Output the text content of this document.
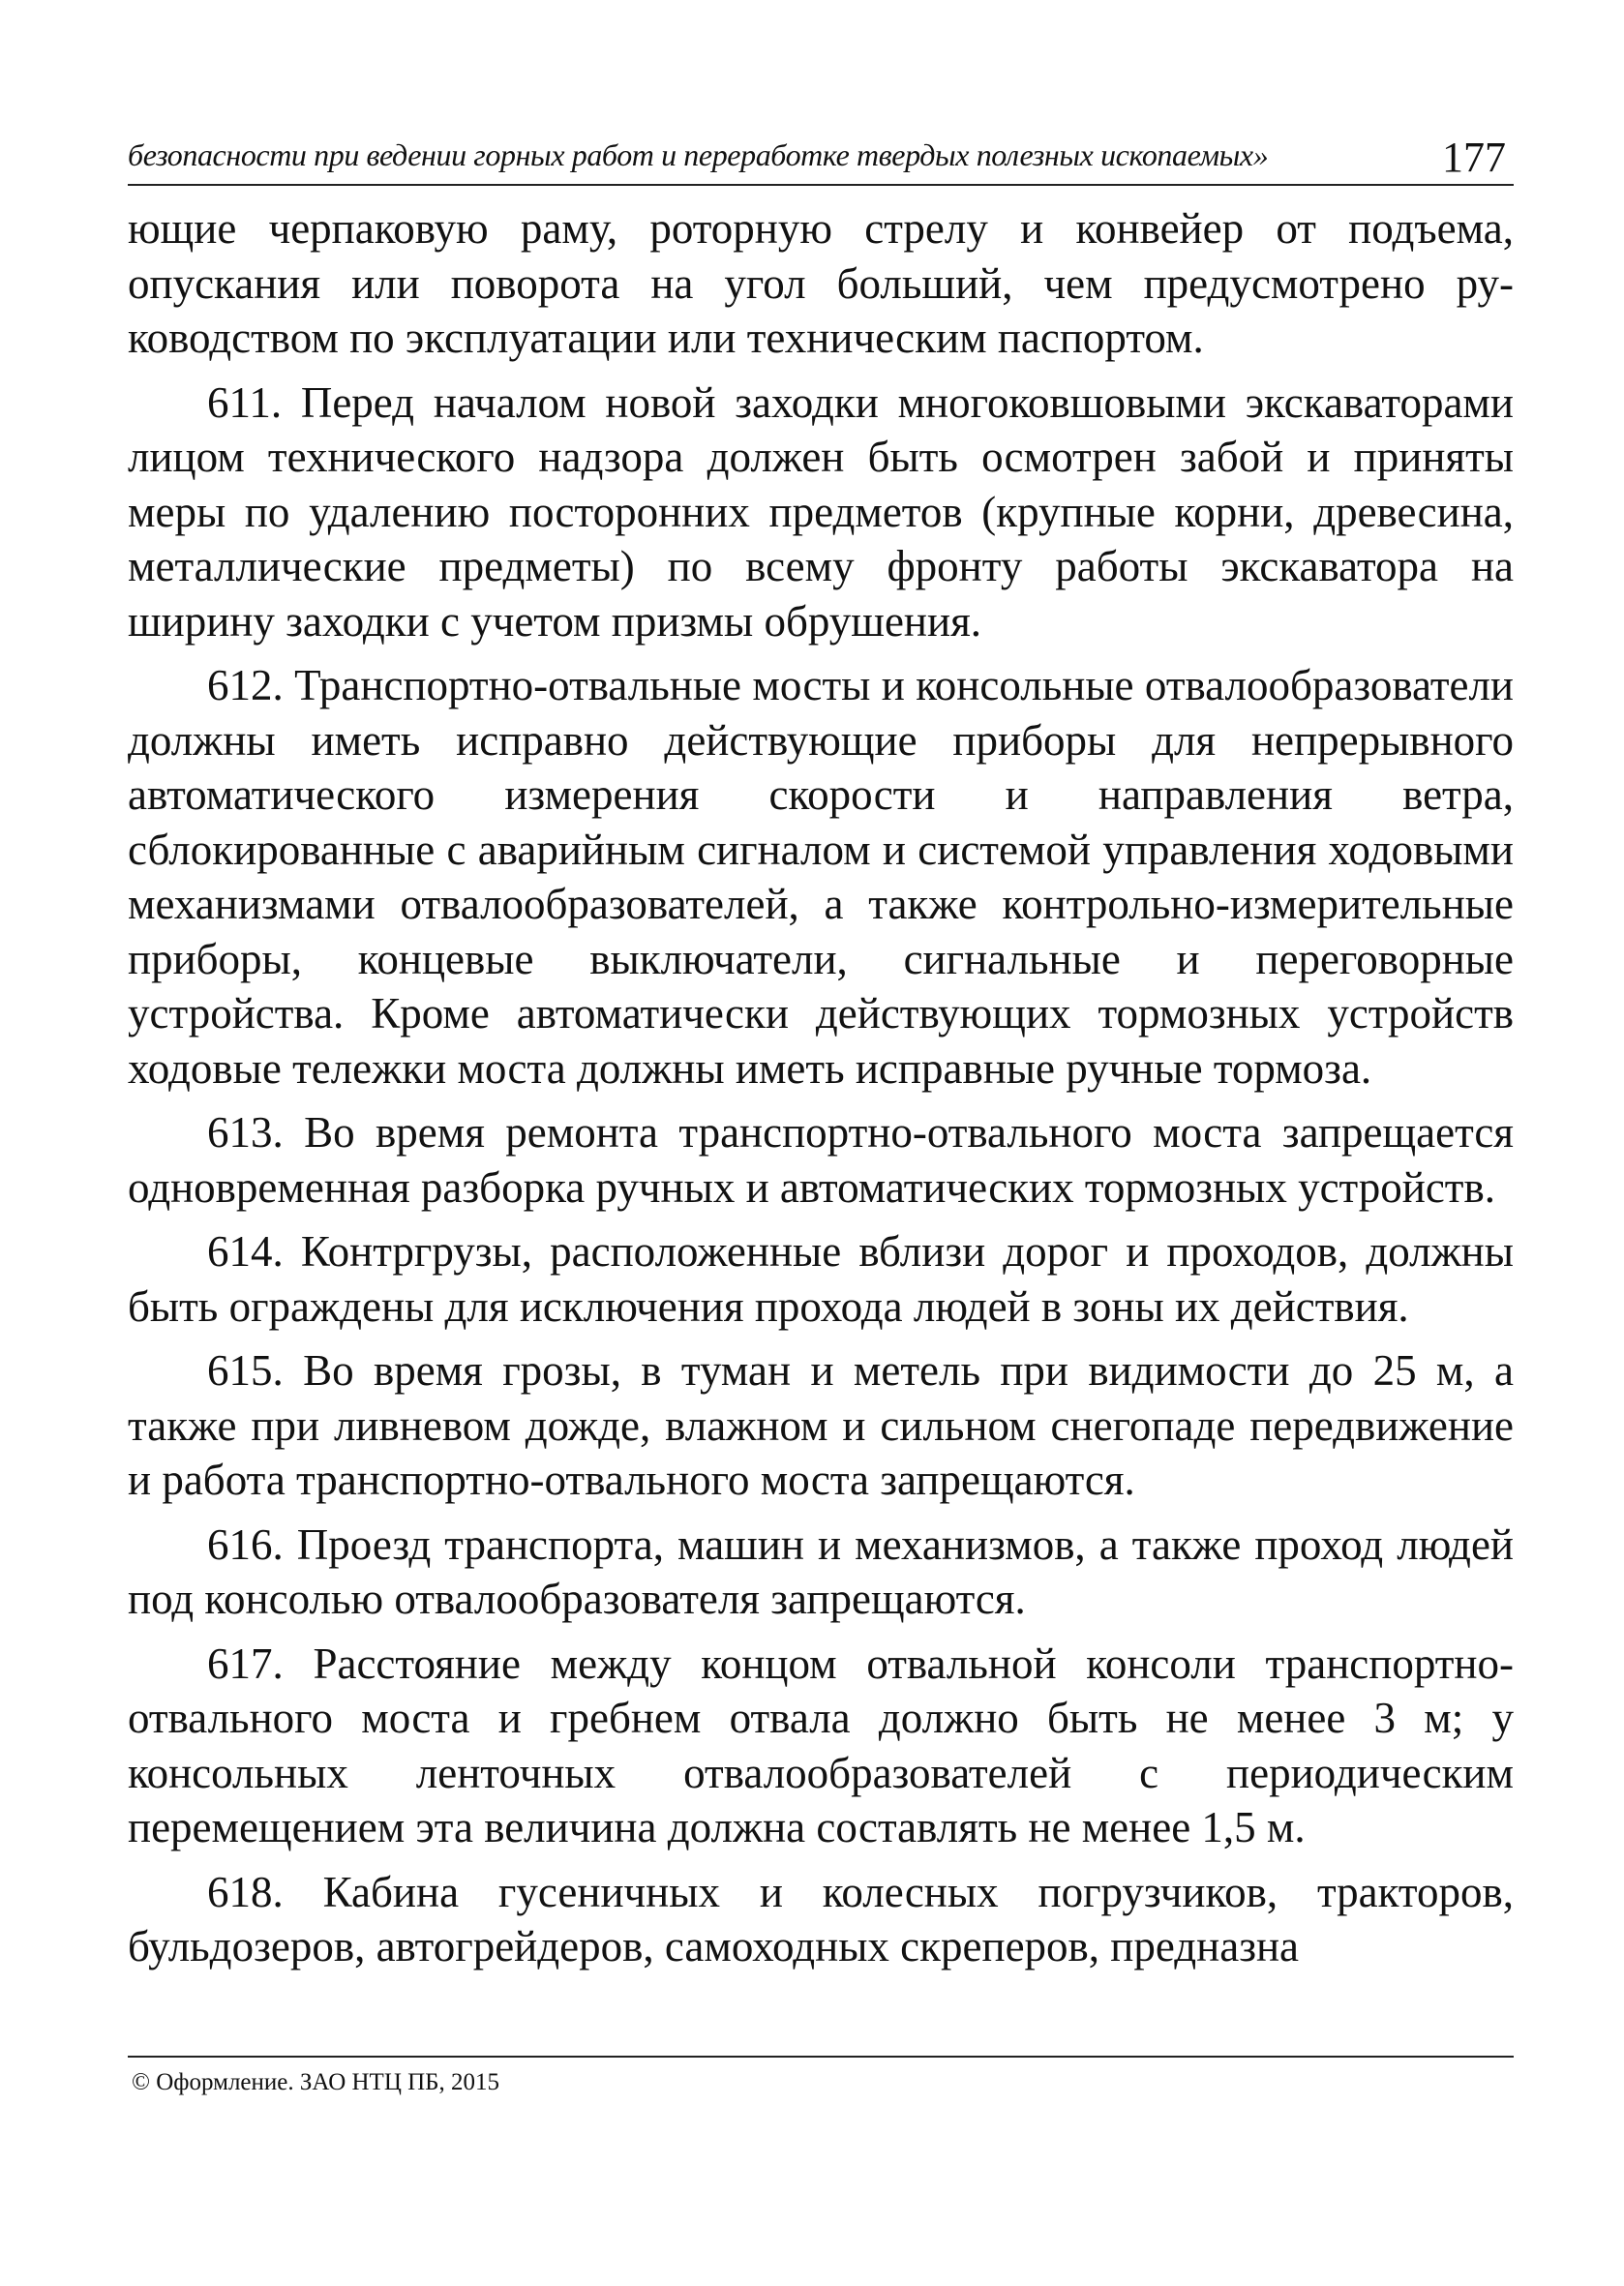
безопасности при ведении горных работ и переработке твердых полезных ископаемых»	177

ющие черпаковую раму, роторную стрелу и конвейер от подъема, опускания или поворота на угол больший, чем предусмотрено руководством по эксплуатации или техническим паспортом.

611. Перед началом новой заходки многоковшовыми экскаваторами лицом технического надзора должен быть осмотрен забой и приняты меры по удалению посторонних предметов (крупные корни, древесина, металлические предметы) по всему фронту работы экскаватора на ширину заходки с учетом призмы обрушения.

612. Транспортно-отвальные мосты и консольные отвалообразователи должны иметь исправно действующие приборы для непрерывного автоматического измерения скорости и направления ветра, сблокированные с аварийным сигналом и системой управления ходовыми механизмами отвалообразователей, а также контрольно-измерительные приборы, концевые выключатели, сигнальные и переговорные устройства. Кроме автоматически действующих тормозных устройств ходовые тележки моста должны иметь исправные ручные тормоза.

613. Во время ремонта транспортно-отвального моста запрещается одновременная разборка ручных и автоматических тормозных устройств.

614. Контргрузы, расположенные вблизи дорог и проходов, должны быть ограждены для исключения прохода людей в зоны их действия.

615. Во время грозы, в туман и метель при видимости до 25 м, а также при ливневом дожде, влажном и сильном снегопаде передвижение и работа транспортно-отвального моста запрещаются.

616. Проезд транспорта, машин и механизмов, а также проход людей под консолью отвалообразователя запрещаются.

617. Расстояние между концом отвальной консоли транспортно-отвального моста и гребнем отвала должно быть не менее 3 м; у консольных ленточных отвалообразователей с периодическим перемещением эта величина должна составлять не менее 1,5 м.

618. Кабина гусеничных и колесных погрузчиков, тракторов, бульдозеров, автогрейдеров, самоходных скреперов, предназна

© Оформление. ЗАО НТЦ ПБ, 2015
